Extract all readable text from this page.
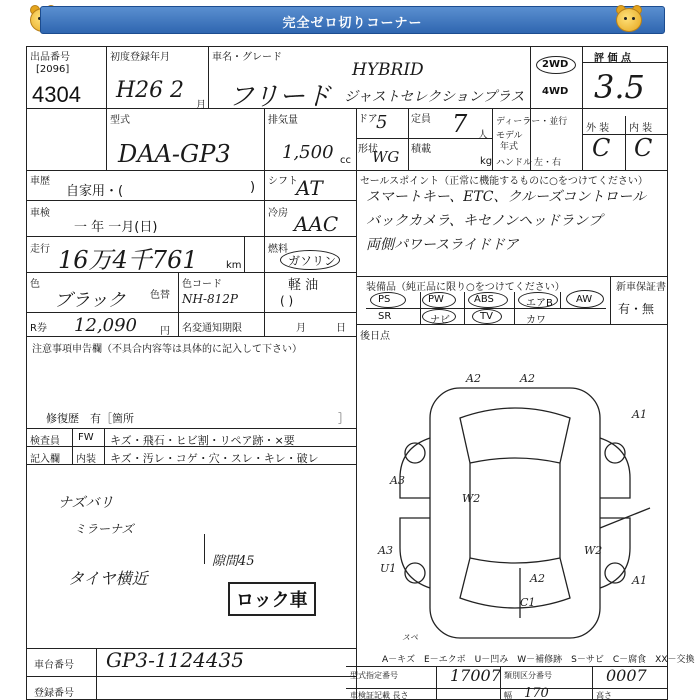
完全ゼロ切りコーナー
出品番号
[2096]
4304
初度登録年月
H26 2
月
車名・グレード
HYBRID
フリード ジャストセレクションプラス
2WD
4WD
評 価 点
3.5
型式
DAA-GP3
排気量
1,500 cc
ドア
5
形状
WG
定員 7 人
積載
kg
ディーラー・並行
モデル
年式
ハンドル 左・右
外 装 内 装
C C
車歴
自家用・(	) シフト
AT
車検
一 年 一月(日)
冷房 AAC
走行 16万4千761	km
燃料
ガソリン
軽 油
( )
色
ブラック 色替
色コード
NH-812P
R券 12,090 円 名変通知期限	月	日
セールスポイント（正常に機能するものに○をつけてください）
スマートキー、ETC、クルーズコントロール
バックカメラ、キセノンヘッドランプ
両側パワースライドドア
装備品（純正品に限り○をつけてください）	新車保証書
有・無
PS	PW	ABS	エアB AW
SR	ナビ	TV	カワ
後日点
注意事項申告欄（不具合内容等は具体的に記入して下さい）
修復歴　有［箇所	］
検査員 FW キズ・飛石・ヒビ割・リペア跡・×要
記入欄 内装 キズ・汚レ・コゲ・穴・スレ・キレ・破レ
ナズバリ
ミラーナズ
タイヤ横近
隙間45
ロック車
A2	A2
A1
A3
W2
W2
A3
U1
A1
A2
C1
スペ
A－キズ　E－エクボ　U－凹み　W－補修跡　S－サビ　C－腐食　XX－交換
車台番号 GP3-1124435
登録番号
型式指定番号	17007 類別区分番号	0007
車検証記載 長さ	幅 170	高さ
